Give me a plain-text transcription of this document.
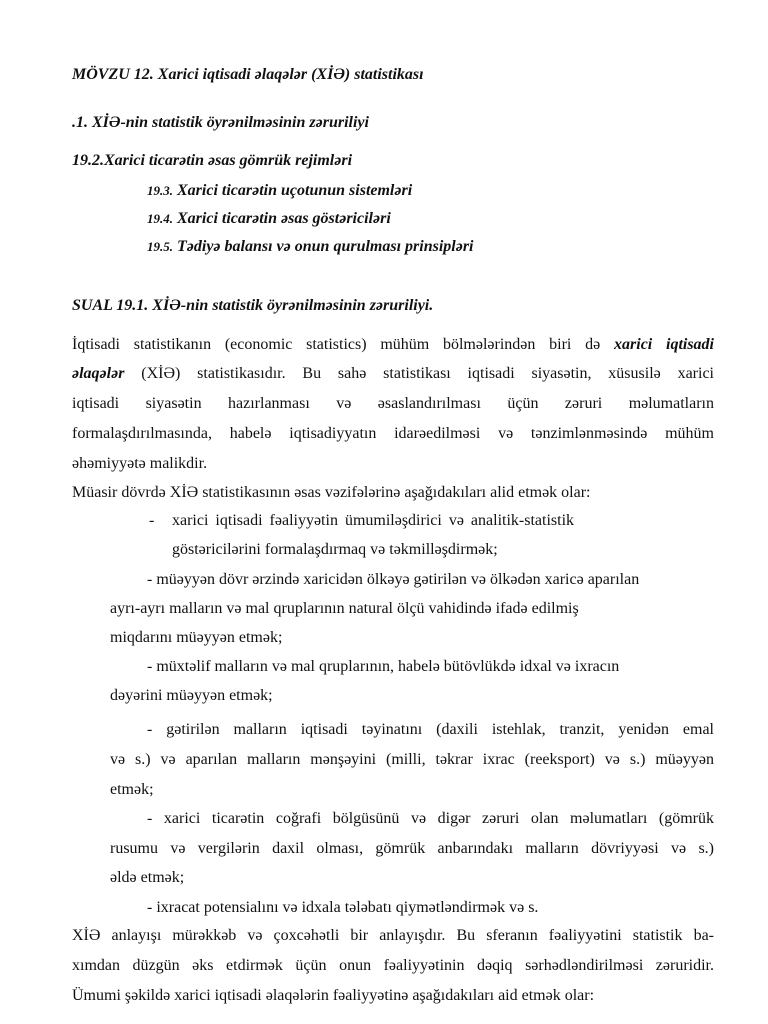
MÖVZU 12. Xarici iqtisadi əlaqələr (XİƏ) statistikası
.1. XİƏ-nin statistik öyrənilməsinin zəruriliyi
19.2.Xarici ticarətin əsas gömrük rejimləri
19.3. Xarici ticarətin uçotunun sistemləri
19.4. Xarici ticarətin əsas göstəriciləri
19.5. Tədiyə balansı və onun qurulması prinsipləri
SUAL 19.1. XİƏ-nin statistik öyrənilməsinin zəruriliyi.
İqtisadi statistikanın (economic statistics) mühüm bölmələrindən biri də xarici iqtisadi
əlaqələr (XİƏ) statistikasıdır. Bu sahə statistikası iqtisadi siyasətin, xüsusilə xarici
iqtisadi siyasətin hazırlanması və əsaslandırılması üçün zəruri məlumatların
formalaşdırılmasında, habelə iqtisadiyyatın idarəedilməsi və tənzimlənməsində mühüm
əhəmiyyətə malikdir.
Müasir dövrdə XİƏ statistikasının əsas vəzifələrinə aşağıdakıları alid etmək olar:
- xarici iqtisadi fəaliyyətin ümumiləşdirici və analitik-statistik
göstəricilərini formalaşdırmaq və təkmilləşdirmək;
- müəyyən dövr ərzində xaricidən ölkəyə gətirilən və ölkədən xaricə aparılan
ayrı-ayrı malların və mal qruplarının natural ölçü vahidində ifadə edilmiş
miqdarını müəyyən etmək;
- müxtəlif malların və mal qruplarının, habelə bütövlükdə idxal və ixracın
dəyərini müəyyən etmək;
- gətirilən malların iqtisadi təyinatını (daxili istehlak, tranzit, yenidən emal
və s.) və aparılan malların mənşəyini (milli, təkrar ixrac (reeksport) və s.) müəyyən
etmək;
- xarici ticarətin coğrafi bölgüsünü və digər zəruri olan məlumatları (gömrük
rusumu və vergilərin daxil olması, gömrük anbarındakı malların dövriyyəsi və s.)
əldə etmək;
- ixracat potensialını və idxala tələbatı qiymətləndirmək və s.
XİƏ anlayışı mürəkkəb və çoxcəhətli bir anlayışdır. Bu sferanın fəaliyyətini statistik ba-
xımdan düzgün əks etdirmək üçün onun fəaliyyətinin dəqiq sərhədləndirilməsi zəruridir.
Ümumi şəkildə xarici iqtisadi əlaqələrin fəaliyyətinə aşağıdakıları aid etmək olar:
